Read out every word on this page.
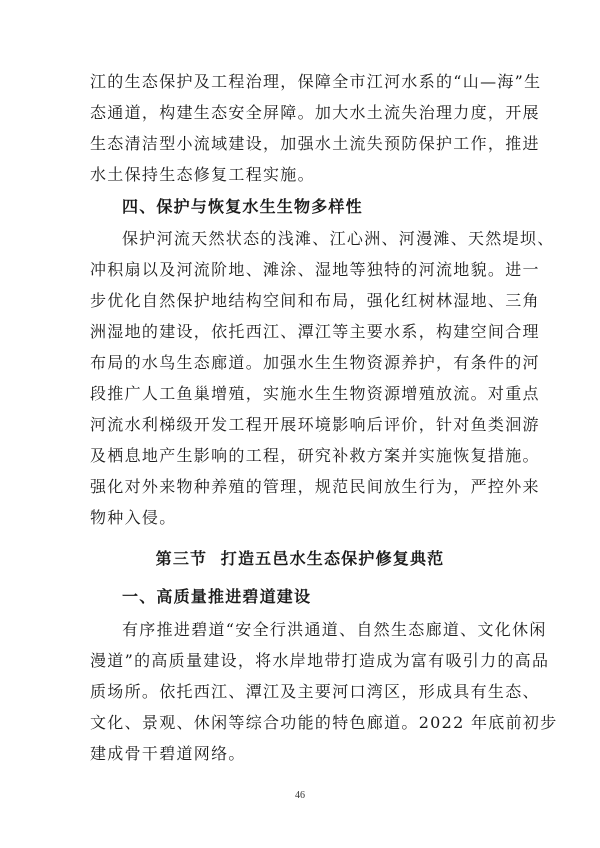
江的生态保护及工程治理，保障全市江河水系的“山—海”生
态通道，构建生态安全屏障。加大水土流失治理力度，开展
生态清洁型小流域建设，加强水土流失预防保护工作，推进
水土保持生态修复工程实施。
四、保护与恢复水生生物多样性
保护河流天然状态的浅滩、江心洲、河漫滩、天然堤坝、
冲积扇以及河流阶地、滩涂、湿地等独特的河流地貌。进一
步优化自然保护地结构空间和布局，强化红树林湿地、三角
洲湿地的建设，依托西江、潭江等主要水系，构建空间合理
布局的水鸟生态廊道。加强水生生物资源养护，有条件的河
段推广人工鱼巢增殖，实施水生生物资源增殖放流。对重点
河流水利梯级开发工程开展环境影响后评价，针对鱼类洄游
及栖息地产生影响的工程，研究补救方案并实施恢复措施。
强化对外来物种养殖的管理，规范民间放生行为，严控外来
物种入侵。
第三节  打造五邑水生态保护修复典范
一、高质量推进碧道建设
有序推进碧道“安全行洪通道、自然生态廊道、文化休闲
46
漫道”的高质量建设，将水岸地带打造成为富有吸引力的高品
质场所。依托西江、潭江及主要河口湾区，形成具有生态、
文化、景观、休闲等综合功能的特色廊道。2022 年底前初步
建成骨干碧道网络。
